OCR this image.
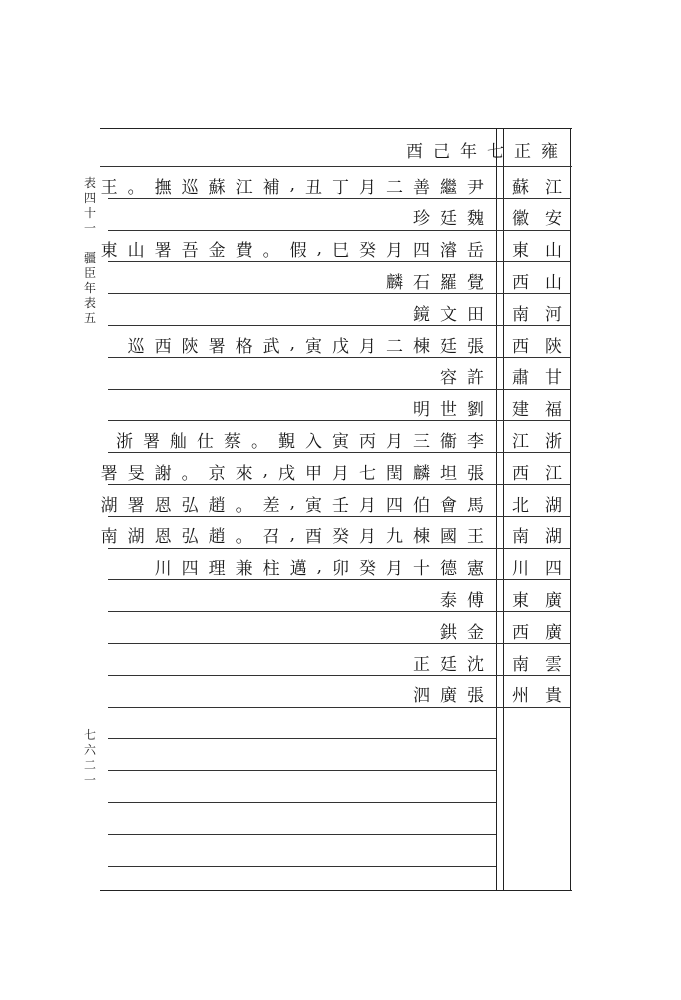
表
四
十
一

疆
臣
年
表
五
七
六
二
一
雍
正
七
年
己
酉
蘇 江
尹
繼
善
二
月
丁
丑
,
補
江
蘇
巡
撫
。
王
徽 安
魏
廷
珍
東 山
岳
濬
四
月
癸
巳
,
假
。
費
金
吾
署
山
東
西 山
覺
羅
石
麟
南 河
田
文
鏡
西 陝
張
廷
棟
二
月
戊
寅
,
武
格
署
陝
西
巡
肅 甘
許
容
建 福
劉
世
明
江 浙
李
衞
三
月
丙
寅
入
覲
。
蔡
仕
舢
署
浙
西 江
張
坦
麟
閏
七
月
甲
戌
,
來
京
。
謝
旻
署
北 湖
馬
會
伯
四
月
壬
寅
,
差
。
趙
弘
恩
署
湖
南 湖
王
國
棟
九
月
癸
酉
,
召
。
趙
弘
恩
湖
南
川 四
憲
德
十
月
癸
卯
,
邁
柱
兼
理
四
川
東 廣
傅
泰
西 廣
金
鉷
南 雲
沈
廷
正
州 貴
張
廣
泗
